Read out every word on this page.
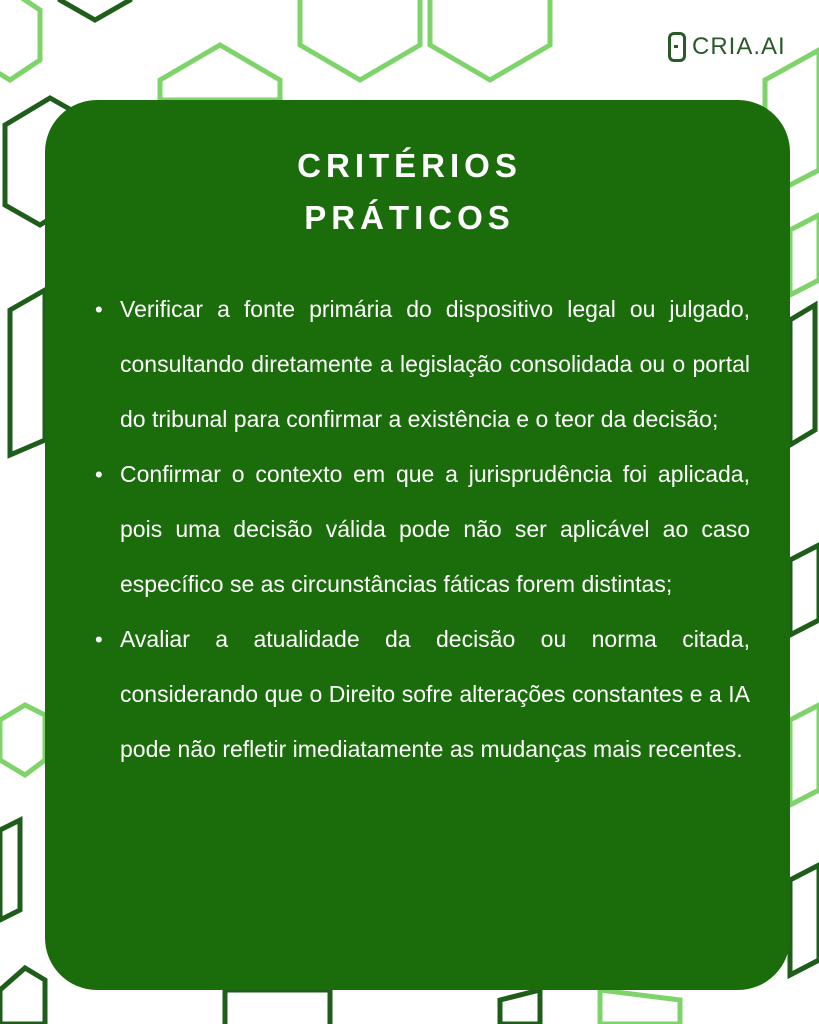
CRIA.AI
CRITÉRIOS
PRÁTICOS
• Verificar a fonte primária do dispositivo legal ou julgado, consultando diretamente a legislação consolidada ou o portal do tribunal para confirmar a existência e o teor da decisão;
• Confirmar o contexto em que a jurisprudência foi aplicada, pois uma decisão válida pode não ser aplicável ao caso específico se as circunstâncias fáticas forem distintas;
• Avaliar a atualidade da decisão ou norma citada, considerando que o Direito sofre alterações constantes e a IA pode não refletir imediatamente as mudanças mais recentes.
